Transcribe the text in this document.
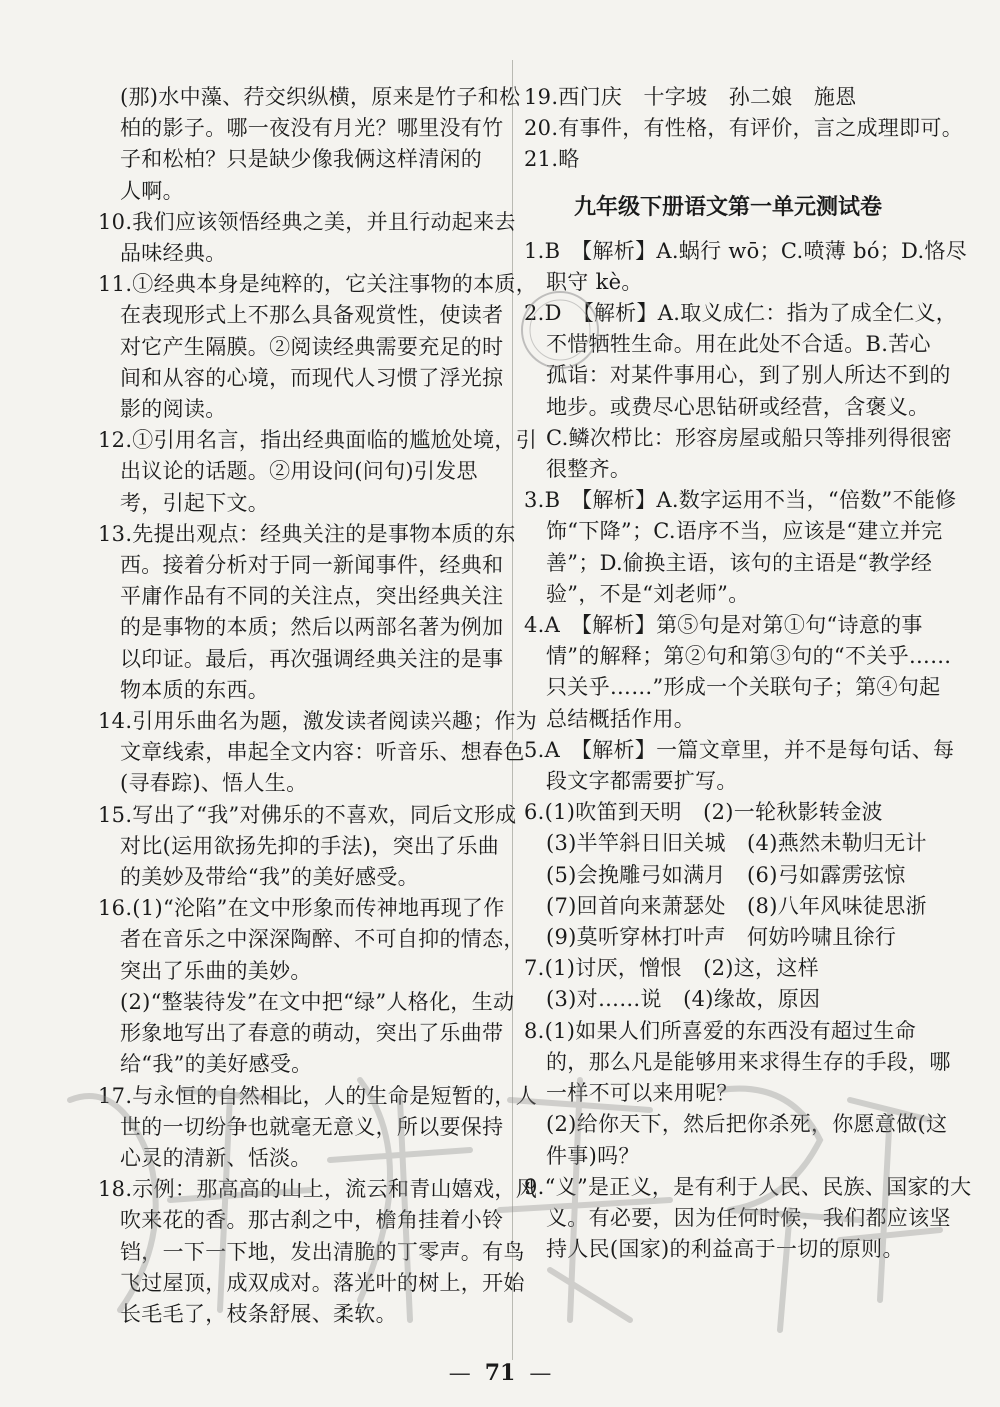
(那)水中藻、荇交织纵横，原来是竹子和松
柏的影子。哪一夜没有月光？哪里没有竹
子和松柏？只是缺少像我俩这样清闲的
人啊。
10.我们应该领悟经典之美，并且行动起来去
品味经典。
11.①经典本身是纯粹的，它关注事物的本质，
在表现形式上不那么具备观赏性，使读者
对它产生隔膜。②阅读经典需要充足的时
间和从容的心境，而现代人习惯了浮光掠
影的阅读。
12.①引用名言，指出经典面临的尴尬处境，引
出议论的话题。②用设问(问句)引发思
考，引起下文。
13.先提出观点：经典关注的是事物本质的东
西。接着分析对于同一新闻事件，经典和
平庸作品有不同的关注点，突出经典关注
的是事物的本质；然后以两部名著为例加
以印证。最后，再次强调经典关注的是事
物本质的东西。
14.引用乐曲名为题，激发读者阅读兴趣；作为
文章线索，串起全文内容：听音乐、想春色
(寻春踪)、悟人生。
15.写出了“我”对佛乐的不喜欢，同后文形成
对比(运用欲扬先抑的手法)，突出了乐曲
的美妙及带给“我”的美好感受。
16.(1)“沦陷”在文中形象而传神地再现了作
者在音乐之中深深陶醉、不可自抑的情态，
突出了乐曲的美妙。
(2)“整装待发”在文中把“绿”人格化，生动
形象地写出了春意的萌动，突出了乐曲带
给“我”的美好感受。
17.与永恒的自然相比，人的生命是短暂的，人
世的一切纷争也就毫无意义，所以要保持
心灵的清新、恬淡。
18.示例：那高高的山上，流云和青山嬉戏，风
吹来花的香。那古刹之中，檐角挂着小铃
铛，一下一下地，发出清脆的丁零声。有鸟
飞过屋顶，成双成对。落光叶的树上，开始
长毛毛了，枝条舒展、柔软。
19.西门庆　十字坡　孙二娘　施恩
20.有事件，有性格，有评价，言之成理即可。
21.略
九年级下册语文第一单元测试卷
1.B　【解析】A.蜗行 wō；C.喷薄 bó；D.恪尽
职守 kè。
2.D　【解析】A.取义成仁：指为了成全仁义，
不惜牺牲生命。用在此处不合适。B.苦心
孤诣：对某件事用心，到了别人所达不到的
地步。或费尽心思钻研或经营，含褒义。
C.鳞次栉比：形容房屋或船只等排列得很密
很整齐。
3.B　【解析】A.数字运用不当，“倍数”不能修
饰“下降”；C.语序不当，应该是“建立并完
善”；D.偷换主语，该句的主语是“教学经
验”，不是“刘老师”。
4.A　【解析】第⑤句是对第①句“诗意的事
情”的解释；第②句和第③句的“不关乎……
只关乎……”形成一个关联句子；第④句起
总结概括作用。
5.A　【解析】一篇文章里，并不是每句话、每
段文字都需要扩写。
6.(1)吹笛到天明　(2)一轮秋影转金波
(3)半竿斜日旧关城　(4)燕然未勒归无计
(5)会挽雕弓如满月　(6)弓如霹雳弦惊
(7)回首向来萧瑟处　(8)八年风味徒思浙
(9)莫听穿林打叶声　何妨吟啸且徐行
7.(1)讨厌，憎恨　(2)这，这样
(3)对……说　(4)缘故，原因
8.(1)如果人们所喜爱的东西没有超过生命
的，那么凡是能够用来求得生存的手段，哪
一样不可以来用呢？
(2)给你天下，然后把你杀死，你愿意做(这
件事)吗？
9.“义”是正义，是有利于人民、民族、国家的大
义。有必要，因为任何时候，我们都应该坚
持人民(国家)的利益高于一切的原则。
— 71 —
